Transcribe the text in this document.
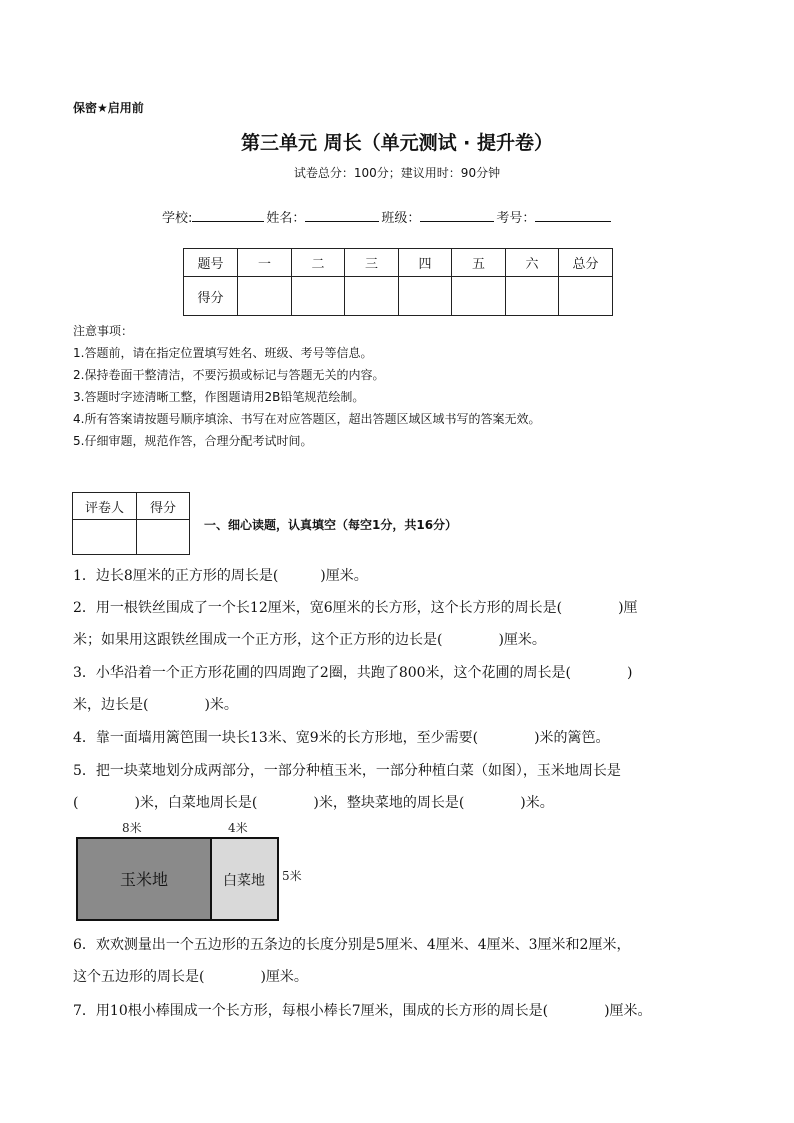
保密★启用前
第三单元 周长（单元测试 · 提升卷）
试卷总分：100分；建议用时：90分钟
学校:	姓名：	班级：	考号：
题号	一	二	三	四	五	六	总分
得分							
注意事项：
1.答题前，请在指定位置填写姓名、班级、考号等信息。
2.保持卷面干整清洁，不要污损或标记与答题无关的内容。
3.答题时字迹清晰工整，作图题请用2B铅笔规范绘制。
4.所有答案请按题号顺序填涂、书写在对应答题区，超出答题区域区域书写的答案无效。
5.仔细审题，规范作答，合理分配考试时间。
评卷人	得分

一、细心读题，认真填空（每空1分，共16分）
1．边长8厘米的正方形的周长是(　　　)厘米。
2．用一根铁丝围成了一个长12厘米，宽6厘米的长方形，这个长方形的周长是(　　　　)厘
米；如果用这跟铁丝围成一个正方形，这个正方形的边长是(　　　　)厘米。
3．小华沿着一个正方形花圃的四周跑了2圈，共跑了800米，这个花圃的周长是(　　　　)
米，边长是(　　　　)米。
4．靠一面墙用篱笆围一块长13米、宽9米的长方形地，至少需要(　　　　)米的篱笆。
5．把一块菜地划分成两部分，一部分种植玉米，一部分种植白菜（如图），玉米地周长是
(　　　　)米，白菜地周长是(　　　　)米，整块菜地的周长是(　　　　)米。
8米	4米
玉米地	白菜地 5米
6．欢欢测量出一个五边形的五条边的长度分别是5厘米、4厘米、4厘米、3厘米和2厘米，
这个五边形的周长是(　　　　)厘米。
7．用10根小棒围成一个长方形，每根小棒长7厘米，围成的长方形的周长是(　　　　)厘米。
